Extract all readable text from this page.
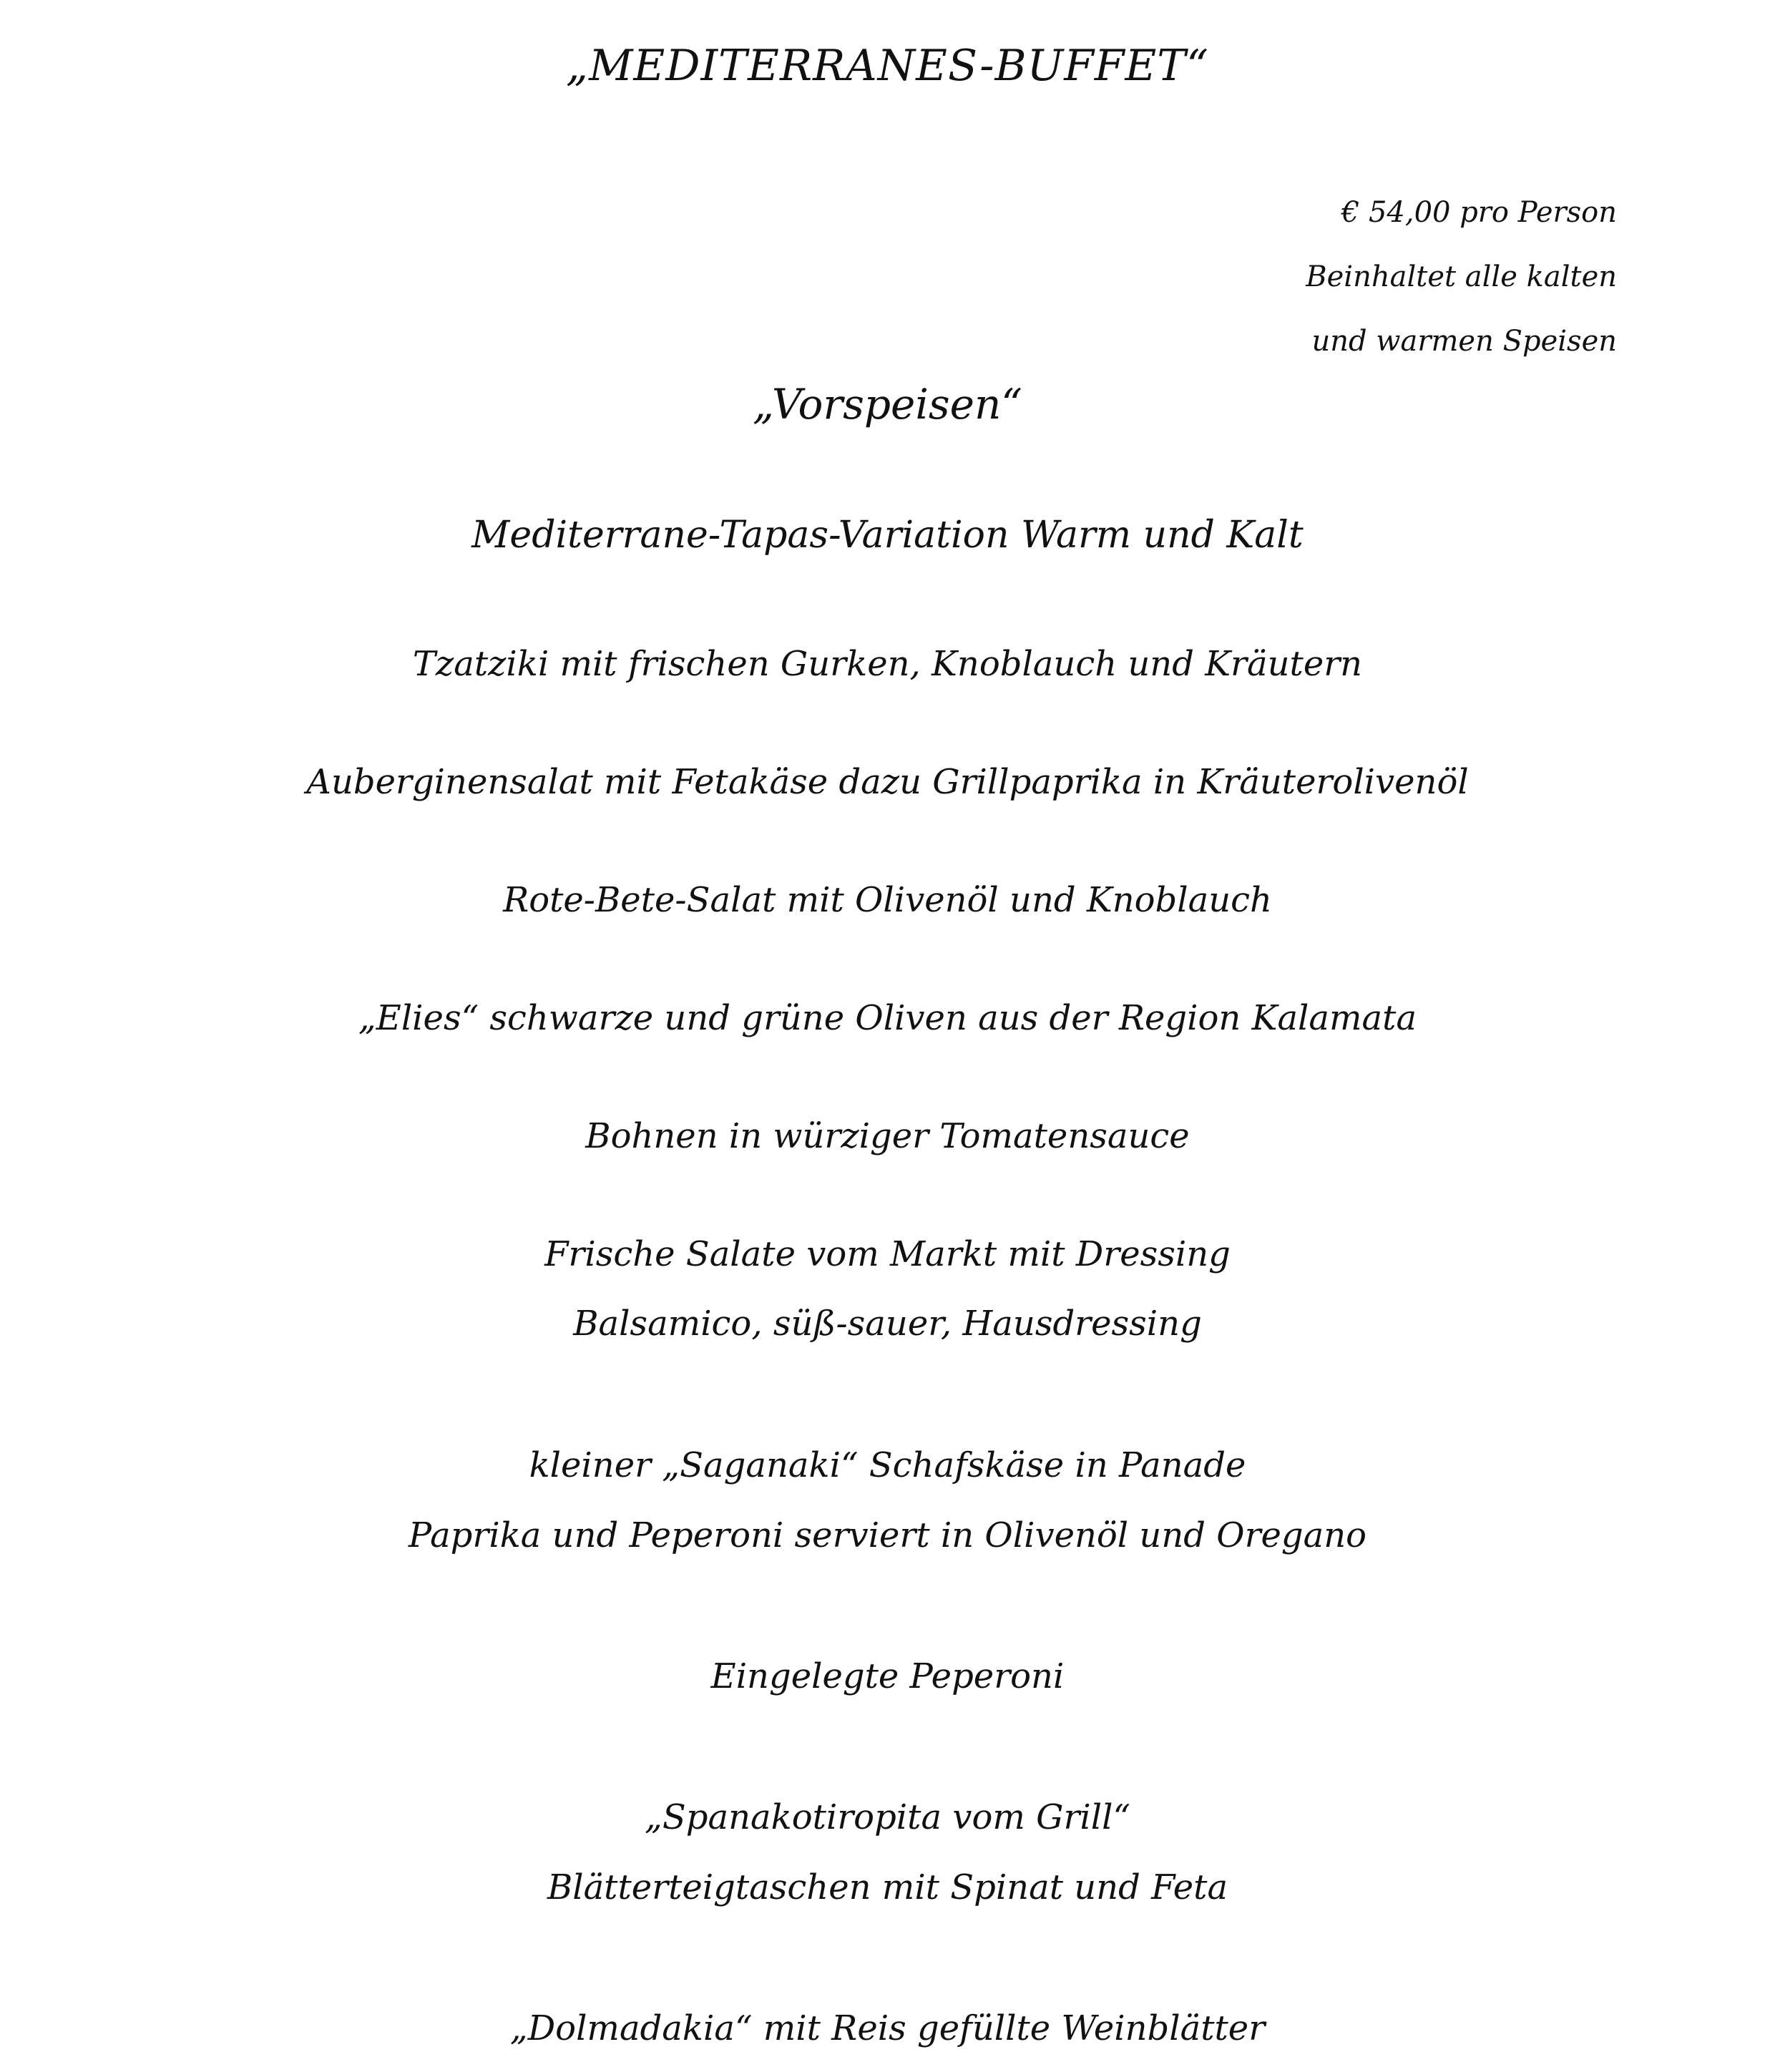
„MEDITERRANES-BUFFET“
€ 54,00 pro Person
Beinhaltet alle kalten
und warmen Speisen
„Vorspeisen“
Mediterrane-Tapas-Variation Warm und Kalt
Tzatziki mit frischen Gurken, Knoblauch und Kräutern
Auberginensalat mit Fetakäse dazu Grillpaprika in Kräuterolivenöl
Rote-Bete-Salat mit Olivenöl und Knoblauch
„Elies“ schwarze und grüne Oliven aus der Region Kalamata
Bohnen in würziger Tomatensauce
Frische Salate vom Markt mit Dressing
Balsamico, süß-sauer, Hausdressing
kleiner „Saganaki“ Schafskäse in Panade
Paprika und Peperoni serviert in Olivenöl und Oregano
Eingelegte Peperoni
„Spanakotiropita vom Grill“
Blätterteigtaschen mit Spinat und Feta
„Dolmadakia“ mit Reis gefüllte Weinblätter
